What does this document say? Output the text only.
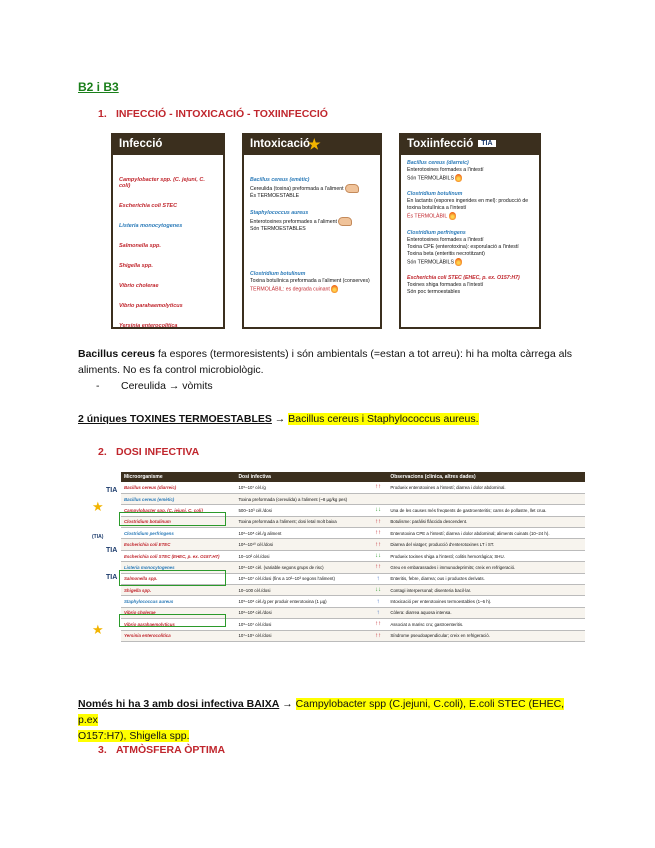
B2 i B3
1. INFECCIÓ - INTOXICACIÓ - TOXIINFECCIÓ
Infecció
Campylobacter spp. (C. jejuni, C. coli)
Escherichia coli STEC
Listeria monocytogenes
Salmonella spp.
Shigella spp.
Vibrio cholerae
Vibrio parahaemolyticus
Yersinia enterocolitica
Intoxicació
★
Bacillus cereus (emètic)
Cereulida (toxina) preformada a l'aliment
És TERMOESTABLE
Staphylococcus aureus
Enterotoxines preformades a l'aliment
Són TERMOESTABLES
Clostridium botulinum
Toxina botulínica preformada a l'aliment (conserves)
TERMOLÀBIL: es degrada cuinant
Toxiinfecció TIA
Bacillus cereus (diarreic)
Enterotoxines formades a l'intestí
Són TERMOLÀBILS
Clostridium botulinum
En lactants (espores ingerides en mel): producció de
toxina botulínica a l'intestí
És TERMOLÀBIL
Clostridium perfringens
Enterotoxines formades a l'intestí
Toxina CPE (enterotoxina): esporulació a l'intestí
Toxina beta (enteritis necrotitzant)
Són TERMOLÀBILS
Escherichia coli STEC (EHEC, p. ex. O157:H7)
Toxines shiga formades a l'intestí
Són poc termoestables
Bacillus cereus fa espores (termoresistents) i són ambientals (=estan a tot arreu): hi ha molta càrrega als
aliments. No es fa control microbiològic.
- Cereulida → vòmits
2 úniques TOXINES TERMOESTABLES → Bacillus cereus i Staphylococcus aureus.
2. DOSI INFECTIVA
TIA
★
(TIA)
TIA
TIA
★
Microorganisme	Dosi infectiva		Observacions (clínica, altres dades)
Bacillus cereus (diarreic)	10⁵–10⁷ cèl./g	↑↑	Produeix enterotoxines a l'intestí; diarrea i dolor abdominal.
Bacillus cereus (emètic)	Toxina preformada (cereulida) a l'aliment (~8 µg/kg pes)		
Campylobacter spp. (C. jejuni, C. coli)	500–10³ cèl./dosi	↓↓	Una de les causes més freqüents de gastroenteritis; carns de pollastre, llet crua.
Clostridium botulinum	Toxina preformada a l'aliment; dosi letal molt baixa	↑↑	Botulisme: paràlisi flàccida descendent.
Clostridium perfringens	10⁶–10⁸ cèl./g aliment	↑↑	Enterotoxina CPE a l'intestí; diarrea i dolor abdominal; aliments cuinats (10–24 h).
Escherichia coli ETEC	10⁸–10¹⁰ cèl./dosi	↑↑	Diarrea del viatger; producció d'enterotoxines LT i ST.
Escherichia coli STEC (EHEC, p. ex. O157:H7)	10–10² cèl./dosi	↓↓	Produeix toxines shiga a l'intestí; colitis hemorràgica; SHU.
Listeria monocytogenes	10⁶–10⁹ cèl. (variable segons grups de risc)	↑↑	Greu en embarassades i immunodeprimits; creix en refrigeració.
Salmonella spp.	10⁵–10⁷ cèl./dosi (fins a 10²–10³ segons l'aliment)	↑	Enteritis, febre, diarrea; ous i productes derivats.
Shigella spp.	10–100 cèl./dosi	↓↓	Contagi interpersonal; disenteria bacil·lar.
Staphylococcus aureus	10⁵–10⁶ cèl./g per produir enterotoxina (1 µg)	↑	Intoxicació per enterotoxines termoestables (1–6 h).
Vibrio cholerae	10⁶–10⁸ cèl./dosi	↑	Còlera: diarrea aquosa intensa.
Vibrio parahaemolyticus	10⁵–10⁷ cèl./dosi	↑↑	Associat a marisc cru; gastroenteritis.
Yersinia enterocolitica	10⁷–10⁹ cèl./dosi	↑↑	Síndrome pseudoapendicular; creix en refrigeració.
Només hi ha 3 amb dosi infectiva BAIXA → Campylobacter spp (C.jejuni, C.coli), E.coli STEC (EHEC, p.ex
O157:H7), Shigella spp.
3. ATMÒSFERA ÒPTIMA
